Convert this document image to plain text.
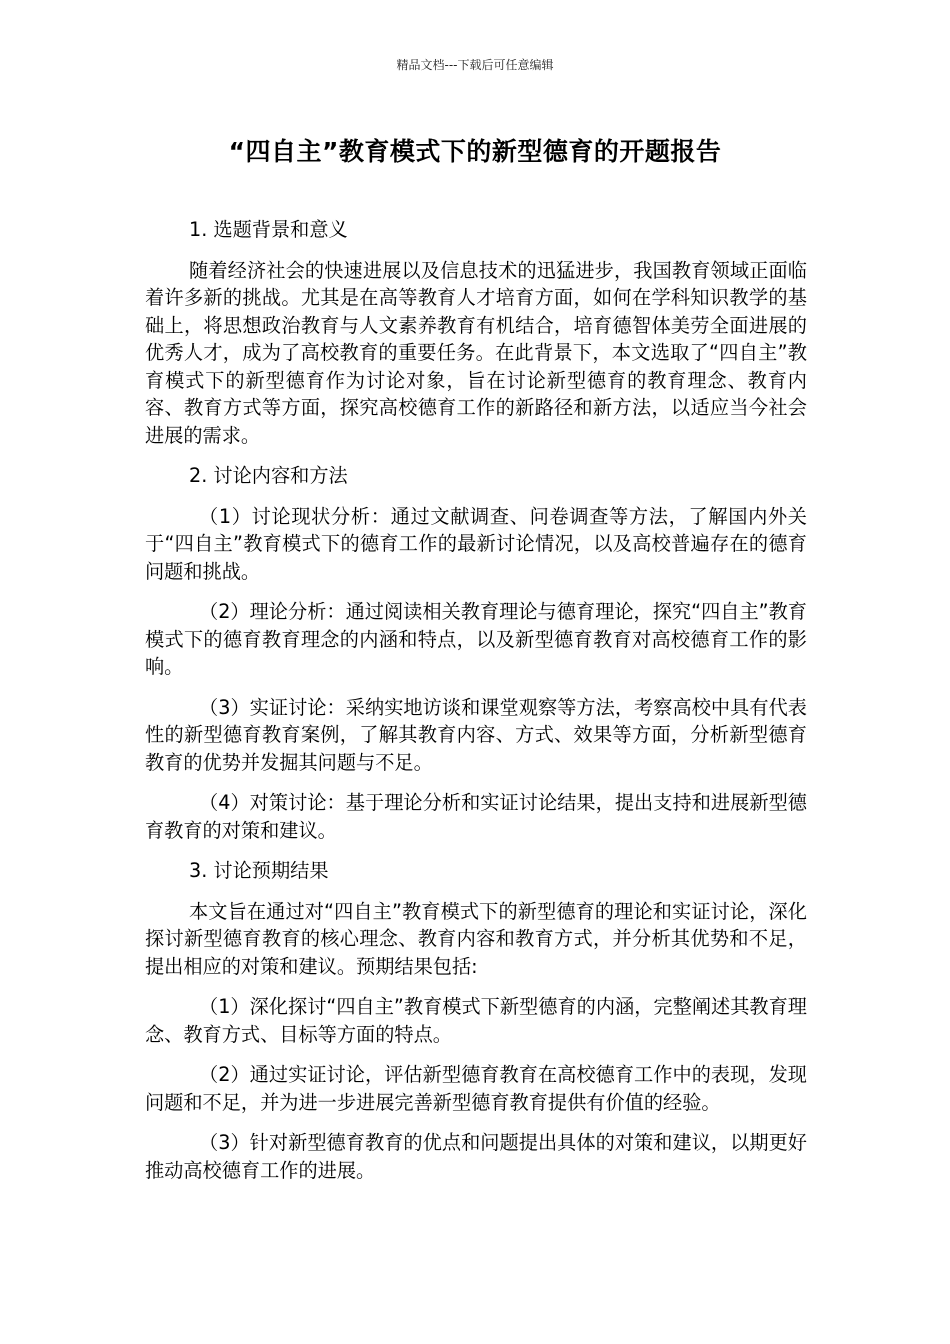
精品文档---下载后可任意编辑
“四自主”教育模式下的新型德育的开题报告

1. 选题背景和意义

随着经济社会的快速进展以及信息技术的迅猛进步，我国教育领域正面临着许多新的挑战。尤其是在高等教育人才培育方面，如何在学科知识教学的基础上，将思想政治教育与人文素养教育有机结合，培育德智体美劳全面进展的优秀人才，成为了高校教育的重要任务。在此背景下，本文选取了“四自主”教育模式下的新型德育作为讨论对象，旨在讨论新型德育的教育理念、教育内容、教育方式等方面，探究高校德育工作的新路径和新方法，以适应当今社会进展的需求。

2. 讨论内容和方法

（1）讨论现状分析：通过文献调查、问卷调查等方法，了解国内外关于“四自主”教育模式下的德育工作的最新讨论情况，以及高校普遍存在的德育问题和挑战。

（2）理论分析：通过阅读相关教育理论与德育理论，探究“四自主”教育模式下的德育教育理念的内涵和特点，以及新型德育教育对高校德育工作的影响。

（3）实证讨论：采纳实地访谈和课堂观察等方法，考察高校中具有代表性的新型德育教育案例，了解其教育内容、方式、效果等方面，分析新型德育教育的优势并发掘其问题与不足。

（4）对策讨论：基于理论分析和实证讨论结果，提出支持和进展新型德育教育的对策和建议。

3. 讨论预期结果

本文旨在通过对“四自主”教育模式下的新型德育的理论和实证讨论，深化探讨新型德育教育的核心理念、教育内容和教育方式，并分析其优势和不足，提出相应的对策和建议。预期结果包括:

（1）深化探讨“四自主”教育模式下新型德育的内涵，完整阐述其教育理念、教育方式、目标等方面的特点。

（2）通过实证讨论，评估新型德育教育在高校德育工作中的表现，发现问题和不足，并为进一步进展完善新型德育教育提供有价值的经验。

（3）针对新型德育教育的优点和问题提出具体的对策和建议，以期更好推动高校德育工作的进展。
